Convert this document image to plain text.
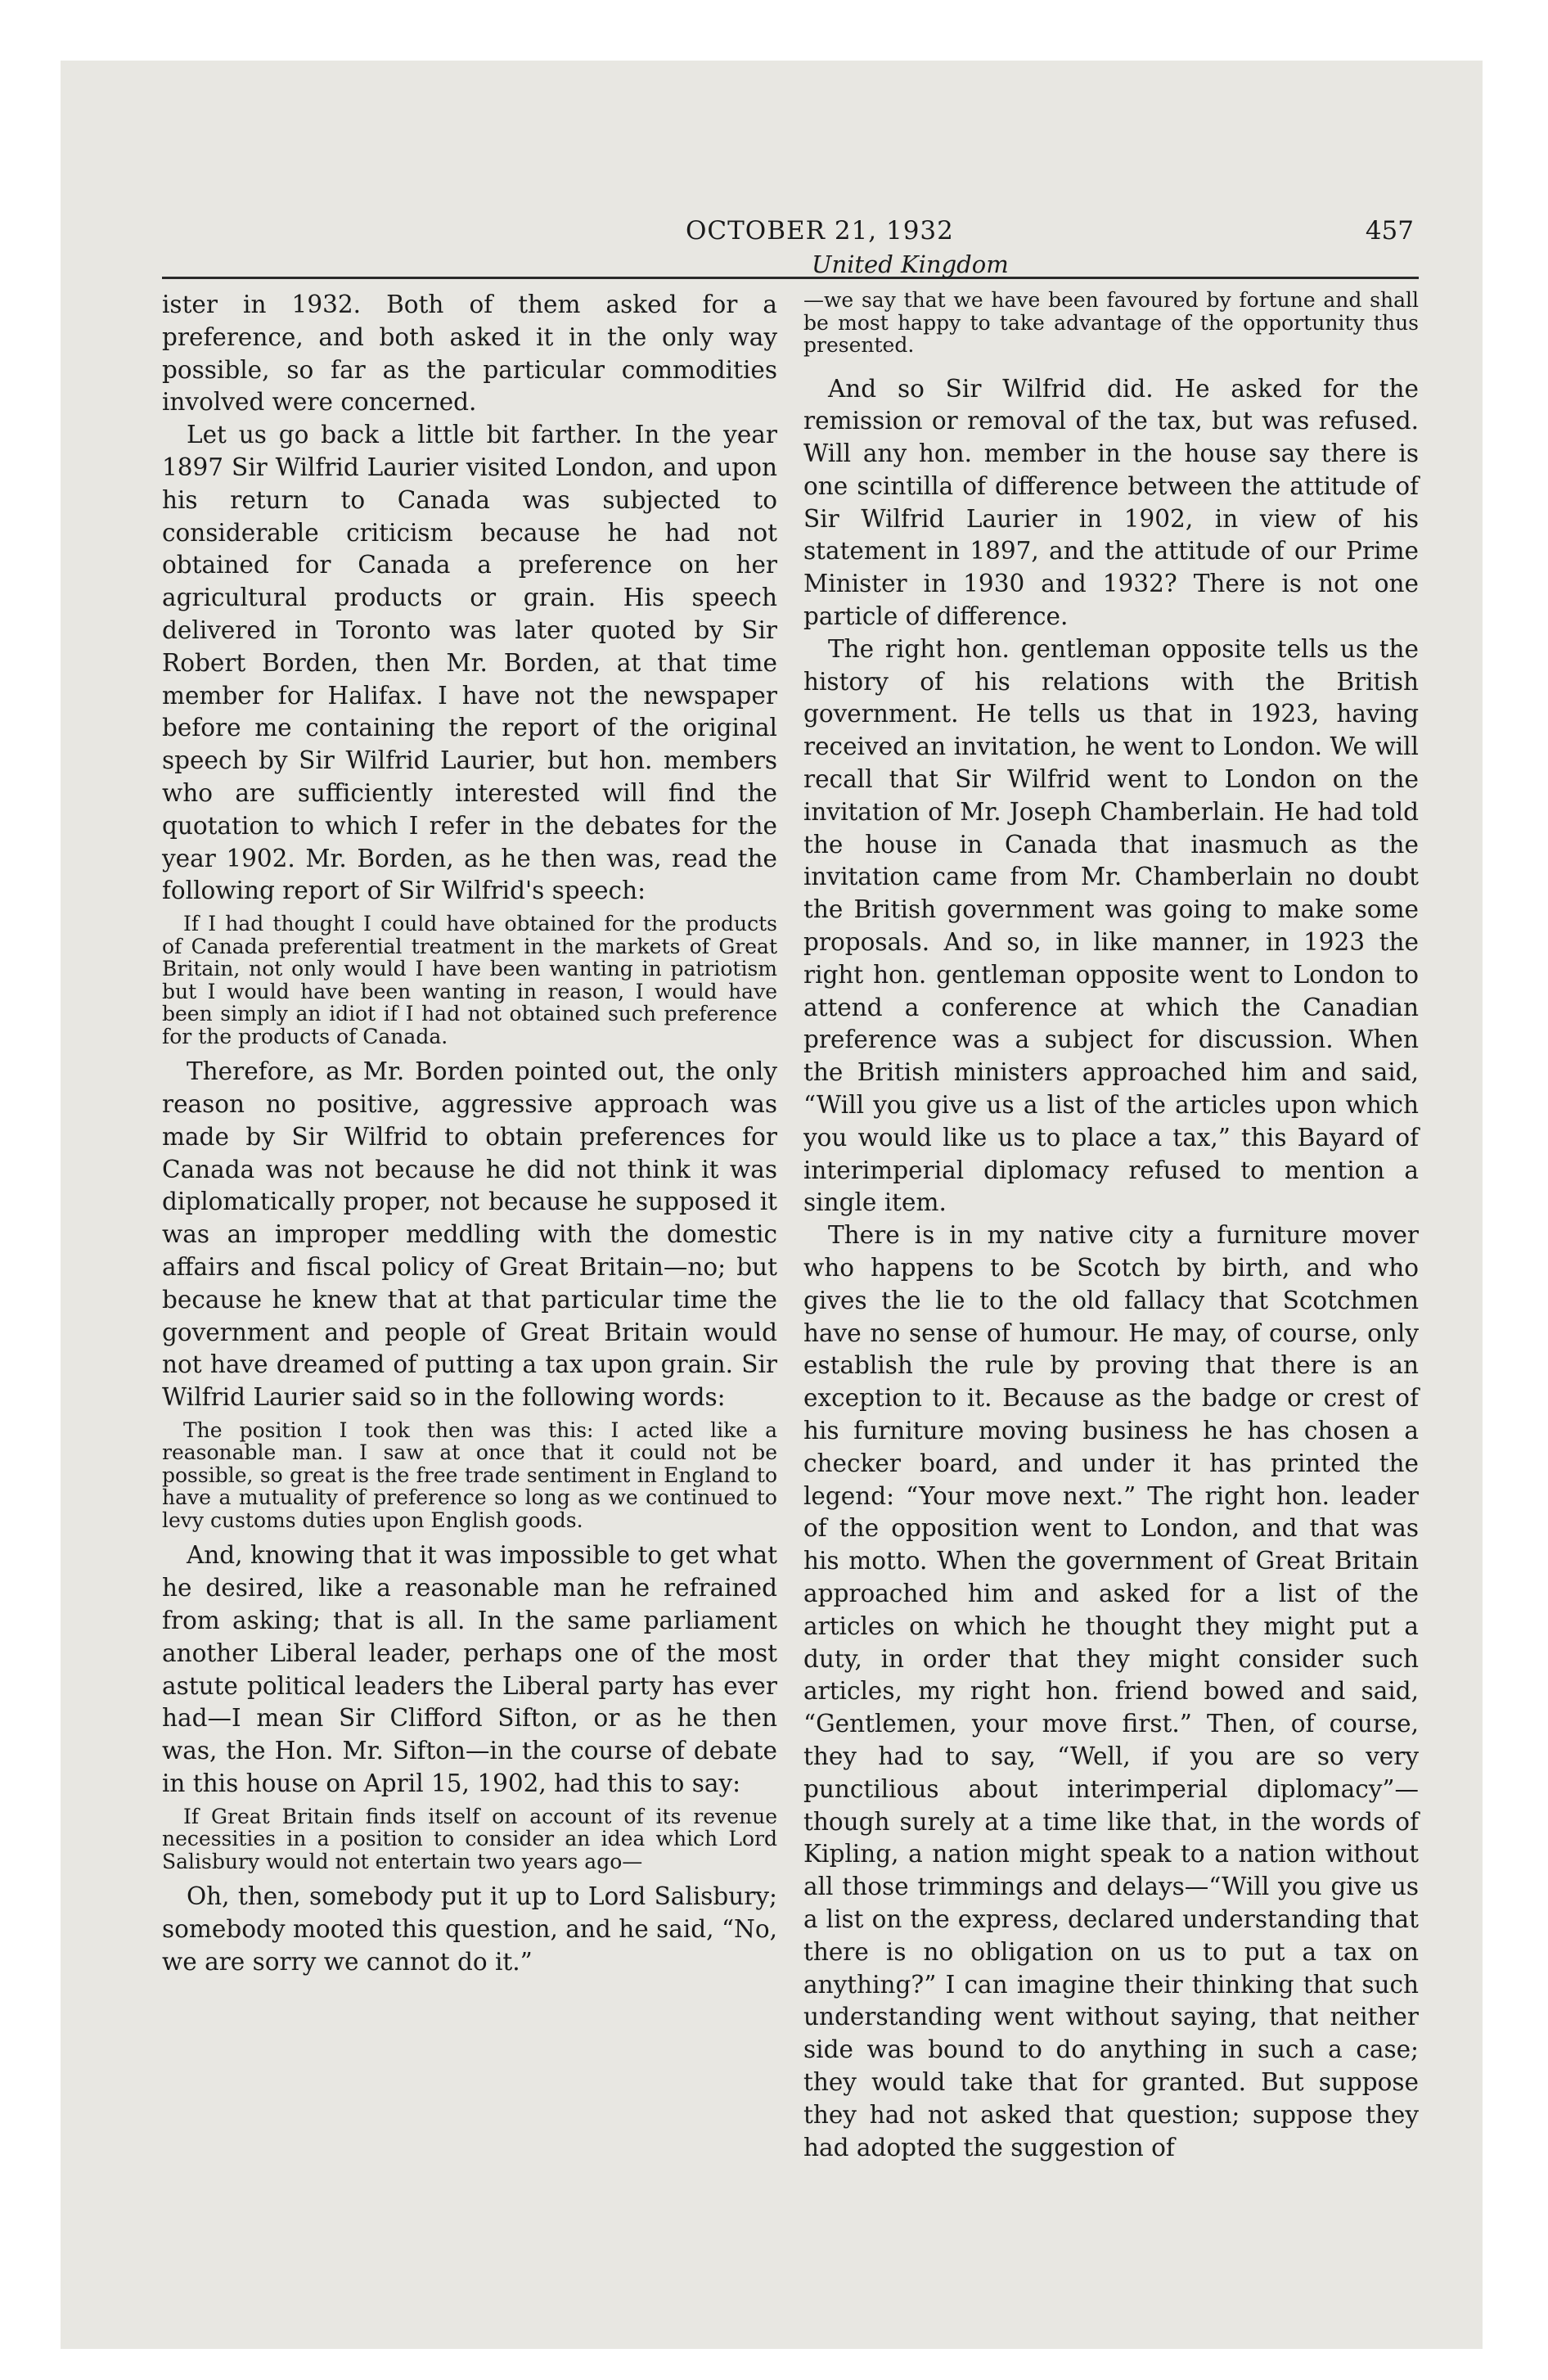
OCTOBER 21, 1932	457
United Kingdom

ister in 1932. Both of them asked for a preference, and both asked it in the only way possible, so far as the particular commodities involved were concerned.

Let us go back a little bit farther. In the year 1897 Sir Wilfrid Laurier visited London, and upon his return to Canada was subjected to considerable criticism because he had not obtained for Canada a preference on her agricultural products or grain. His speech delivered in Toronto was later quoted by Sir Robert Borden, then Mr. Borden, at that time member for Halifax. I have not the newspaper before me containing the report of the original speech by Sir Wilfrid Laurier, but hon. members who are sufficiently interested will find the quotation to which I refer in the debates for the year 1902. Mr. Borden, as he then was, read the following report of Sir Wilfrid's speech:

If I had thought I could have obtained for the products of Canada preferential treatment in the markets of Great Britain, not only would I have been wanting in patriotism but I would have been wanting in reason, I would have been simply an idiot if I had not obtained such preference for the products of Canada.

Therefore, as Mr. Borden pointed out, the only reason no positive, aggressive approach was made by Sir Wilfrid to obtain preferences for Canada was not because he did not think it was diplomatically proper, not because he supposed it was an improper meddling with the domestic affairs and fiscal policy of Great Britain—no; but because he knew that at that particular time the government and people of Great Britain would not have dreamed of putting a tax upon grain. Sir Wilfrid Laurier said so in the following words:

The position I took then was this: I acted like a reasonable man. I saw at once that it could not be possible, so great is the free trade sentiment in England to have a mutuality of preference so long as we continued to levy customs duties upon English goods.

And, knowing that it was impossible to get what he desired, like a reasonable man he refrained from asking; that is all. In the same parliament another Liberal leader, perhaps one of the most astute political leaders the Liberal party has ever had—I mean Sir Clifford Sifton, or as he then was, the Hon. Mr. Sifton—in the course of debate in this house on April 15, 1902, had this to say:

If Great Britain finds itself on account of its revenue necessities in a position to consider an idea which Lord Salisbury would not entertain two years ago—

Oh, then, somebody put it up to Lord Salisbury; somebody mooted this question, and he said, “No, we are sorry we cannot do it.”

—we say that we have been favoured by fortune and shall be most happy to take advantage of the opportunity thus presented.

And so Sir Wilfrid did. He asked for the remission or removal of the tax, but was refused. Will any hon. member in the house say there is one scintilla of difference between the attitude of Sir Wilfrid Laurier in 1902, in view of his statement in 1897, and the attitude of our Prime Minister in 1930 and 1932? There is not one particle of difference.

The right hon. gentleman opposite tells us the history of his relations with the British government. He tells us that in 1923, having received an invitation, he went to London. We will recall that Sir Wilfrid went to London on the invitation of Mr. Joseph Chamberlain. He had told the house in Canada that inasmuch as the invitation came from Mr. Chamberlain no doubt the British government was going to make some proposals. And so, in like manner, in 1923 the right hon. gentleman opposite went to London to attend a conference at which the Canadian preference was a subject for discussion. When the British ministers approached him and said, “Will you give us a list of the articles upon which you would like us to place a tax,” this Bayard of interimperial diplomacy refused to mention a single item.

There is in my native city a furniture mover who happens to be Scotch by birth, and who gives the lie to the old fallacy that Scotchmen have no sense of humour. He may, of course, only establish the rule by proving that there is an exception to it. Because as the badge or crest of his furniture moving business he has chosen a checker board, and under it has printed the legend: “Your move next.” The right hon. leader of the opposition went to London, and that was his motto. When the government of Great Britain approached him and asked for a list of the articles on which he thought they might put a duty, in order that they might consider such articles, my right hon. friend bowed and said, “Gentlemen, your move first.” Then, of course, they had to say, “Well, if you are so very punctilious about interimperial diplomacy”—though surely at a time like that, in the words of Kipling, a nation might speak to a nation without all those trimmings and delays—“Will you give us a list on the express, declared understanding that there is no obligation on us to put a tax on anything?” I can imagine their thinking that such understanding went without saying, that neither side was bound to do anything in such a case; they would take that for granted. But suppose they had not asked that question; suppose they had adopted the suggestion of
